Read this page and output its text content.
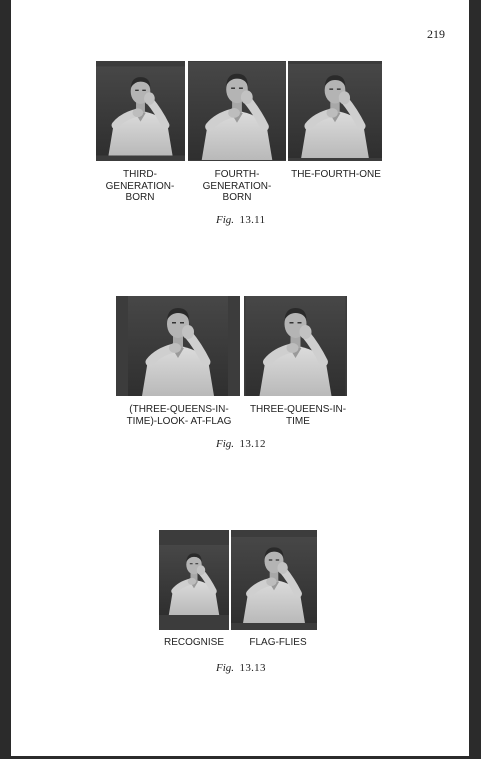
219
THIRD-
GENERATION-
BORN
FOURTH-
GENERATION-
BORN
THE-FOURTH-ONE
Fig. 13.11
(THREE-QUEENS-IN-
TIME)-LOOK- AT-FLAG
THREE-QUEENS-IN-
TIME
Fig. 13.12
RECOGNISE	FLAG-FLIES
Fig. 13.13
